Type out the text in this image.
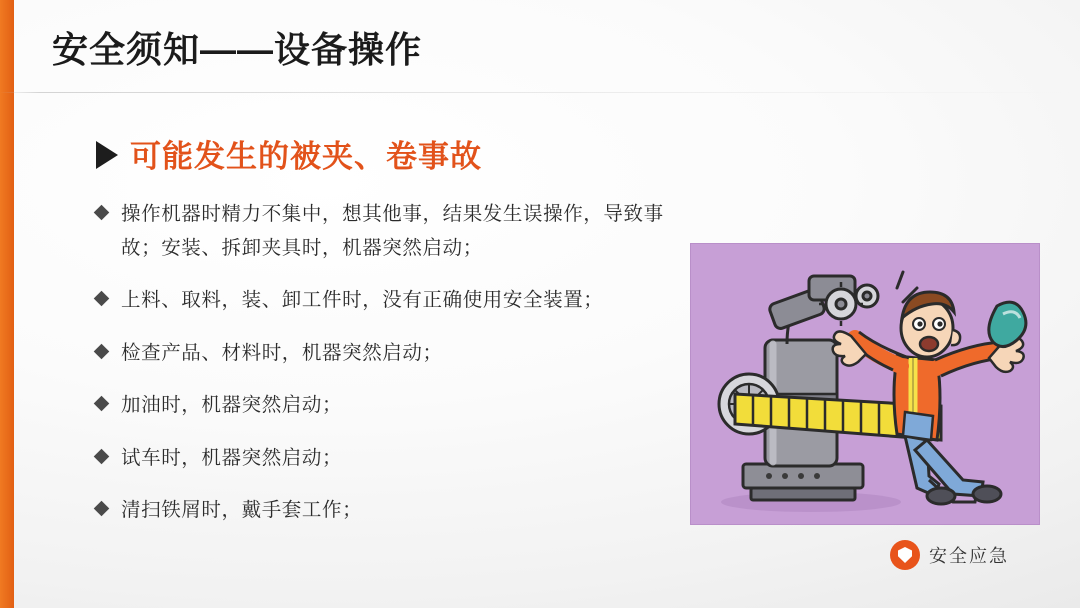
安全须知——设备操作
可能发生的被夹、卷事故
操作机器时精力不集中，想其他事，结果发生误操作，导致事故；安装、拆卸夹具时，机器突然启动；
上料、取料，装、卸工件时，没有正确使用安全装置；
检查产品、材料时，机器突然启动；
加油时，机器突然启动；
试车时，机器突然启动；
清扫铁屑时，戴手套工作；
安全应急
